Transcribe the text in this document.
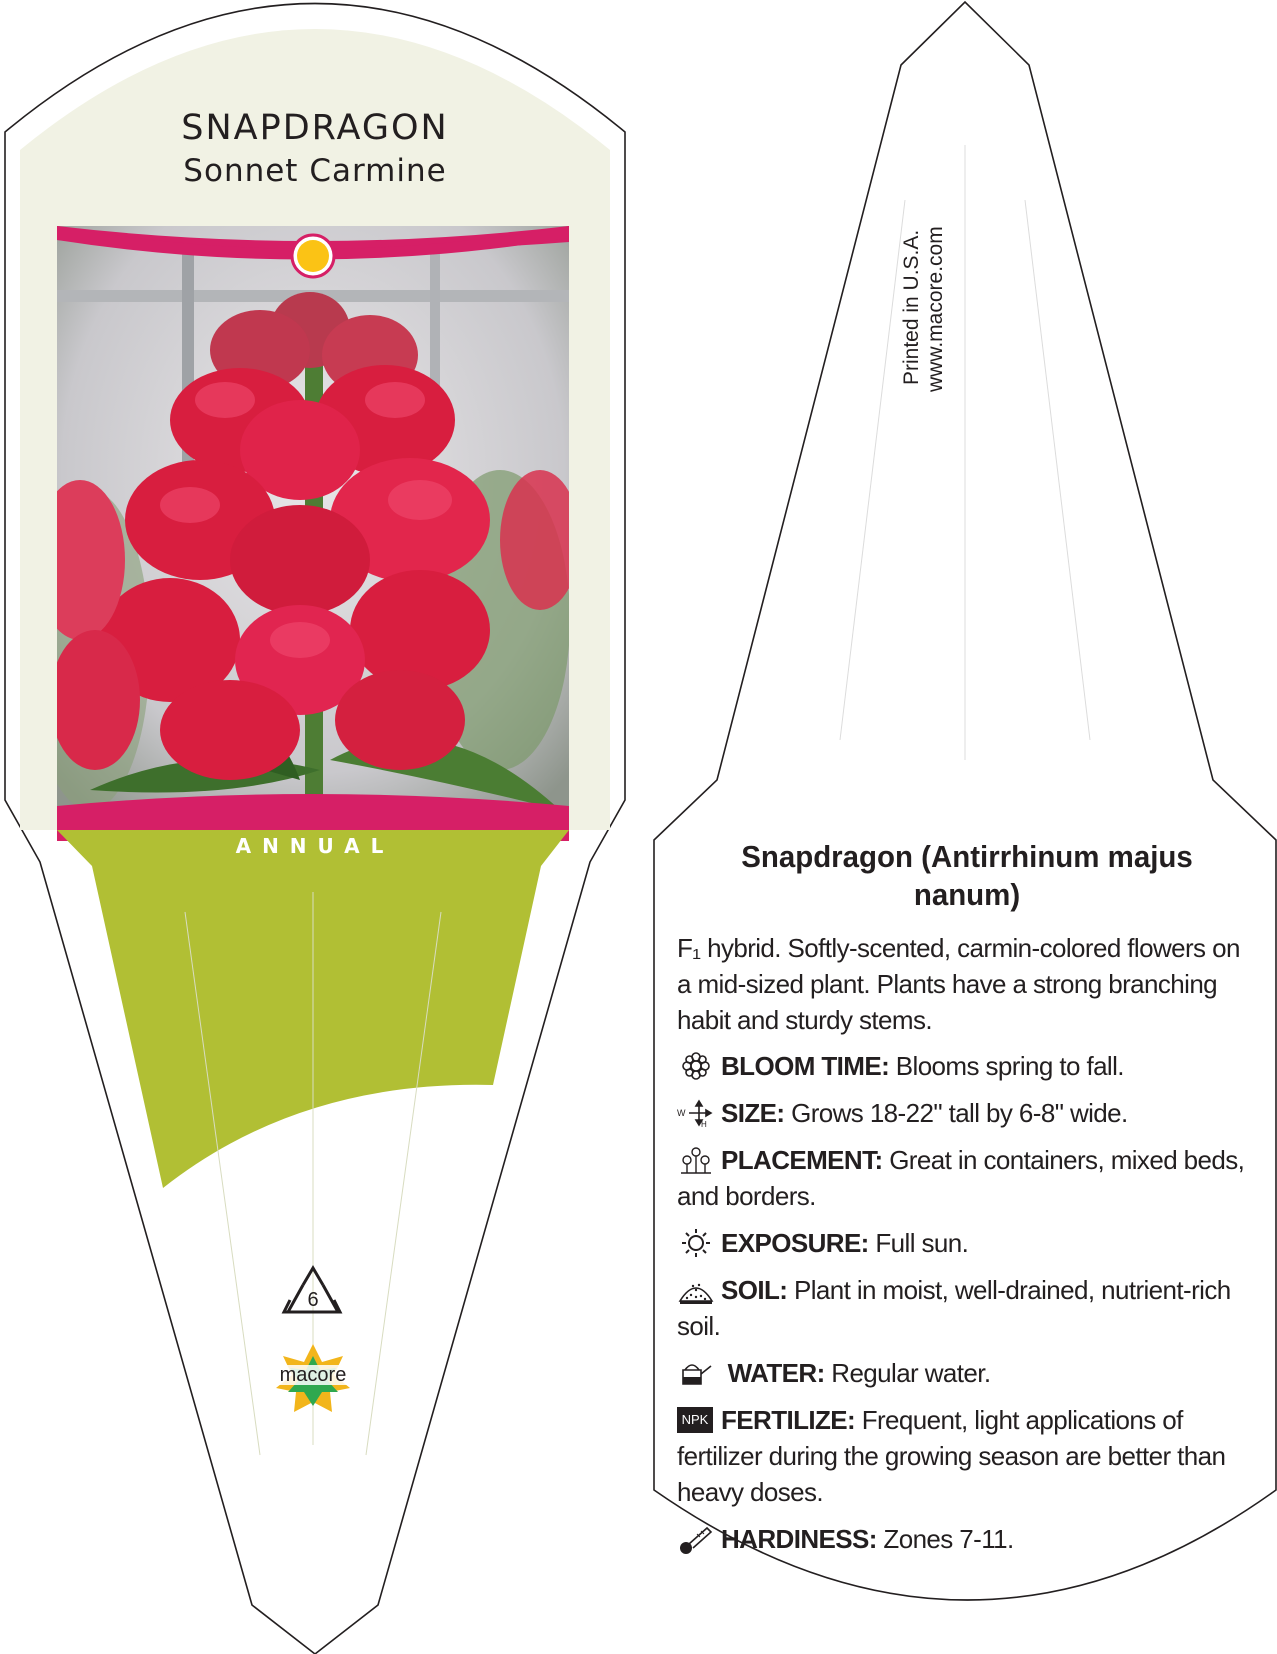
SNAPDRAGON
Sonnet Carmine
ANNUAL
6
macore
Printed in U.S.A. www.macore.com
Snapdragon (Antirrhinum majus nanum)
F₁ hybrid. Softly-scented, carmin-colored flowers on a mid-sized plant. Plants have a strong branching habit and sturdy stems.
BLOOM TIME: Blooms spring to fall.
W
H SIZE: Grows 18-22" tall by 6-8" wide.
PLACEMENT: Great in containers, mixed beds, and borders.
EXPOSURE: Full sun.
SOIL: Plant in moist, well-drained, nutrient-rich soil.
WATER: Regular water.
NPK FERTILIZE: Frequent, light applications of fertilizer during the growing season are better than heavy doses.
HARDINESS: Zones 7-11.
